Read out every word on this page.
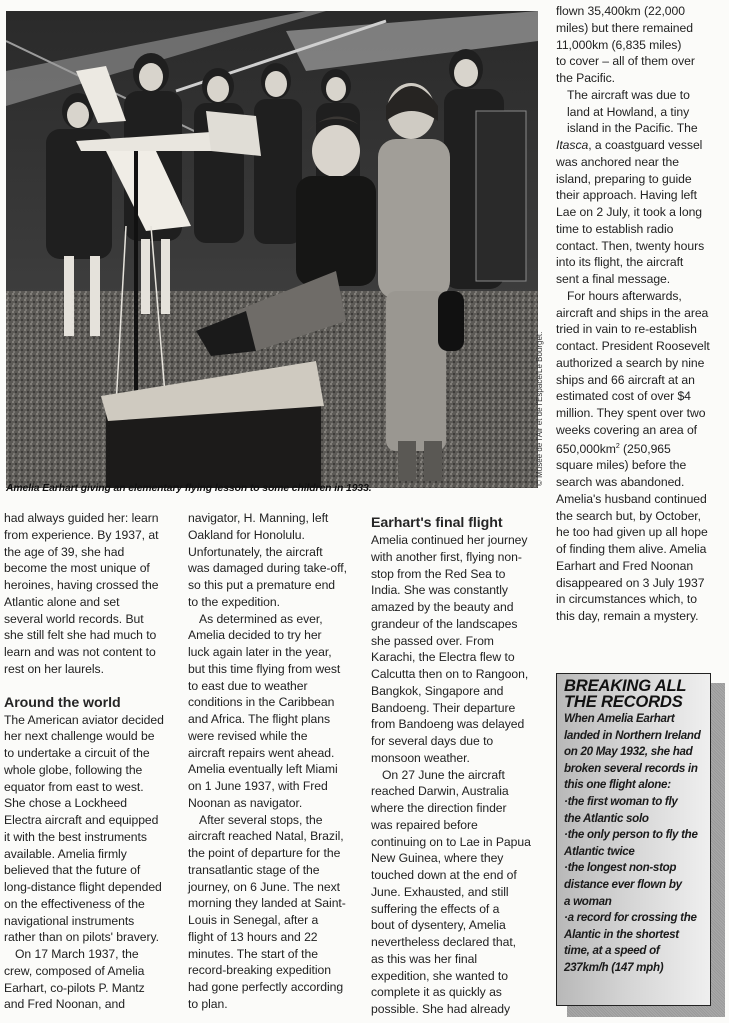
© Musée de l'Air et de l'Espace/Le Bourget.
Amelia Earhart giving an elementary flying lesson to some children in 1933.

had always guided her: learn
from experience. By 1937, at
the age of 39, she had
become the most unique of
heroines, having crossed the
Atlantic alone and set
several world records. But
she still felt she had much to
learn and was not content to
rest on her laurels.

Around the world

The American aviator decided
her next challenge would be
to undertake a circuit of the
whole globe, following the
equator from east to west.
She chose a Lockheed
Electra aircraft and equipped
it with the best instruments
available. Amelia firmly
believed that the future of
long-distance flight depended
on the effectiveness of the
navigational instruments
rather than on pilots' bravery.

On 17 March 1937, the
crew, composed of Amelia
Earhart, co-pilots P. Mantz
and Fred Noonan, and

navigator, H. Manning, left
Oakland for Honolulu.
Unfortunately, the aircraft
was damaged during take-off,
so this put a premature end
to the expedition.

As determined as ever,
Amelia decided to try her
luck again later in the year,
but this time flying from west
to east due to weather
conditions in the Caribbean
and Africa. The flight plans
were revised while the
aircraft repairs went ahead.
Amelia eventually left Miami
on 1 June 1937, with Fred
Noonan as navigator.

After several stops, the
aircraft reached Natal, Brazil,
the point of departure for the
transatlantic stage of the
journey, on 6 June. The next
morning they landed at Saint-
Louis in Senegal, after a
flight of 13 hours and 22
minutes. The start of the
record-breaking expedition
had gone perfectly according
to plan.

Earhart's final flight

Amelia continued her journey
with another first, flying non-
stop from the Red Sea to
India. She was constantly
amazed by the beauty and
grandeur of the landscapes
she passed over. From
Karachi, the Electra flew to
Calcutta then on to Rangoon,
Bangkok, Singapore and
Bandoeng. Their departure
from Bandoeng was delayed
for several days due to
monsoon weather.

On 27 June the aircraft
reached Darwin, Australia
where the direction finder
was repaired before
continuing on to Lae in Papua
New Guinea, where they
touched down at the end of
June. Exhausted, and still
suffering the effects of a
bout of dysentery, Amelia
nevertheless declared that,
as this was her final
expedition, she wanted to
complete it as quickly as
possible. She had already

flown 35,400km (22,000
miles) but there remained
11,000km (6,835 miles)
to cover – all of them over
the Pacific.

The aircraft was due to
land at Howland, a tiny
island in the Pacific. The
Itasca, a coastguard vessel
was anchored near the
island, preparing to guide
their approach. Having left
Lae on 2 July, it took a long
time to establish radio
contact. Then, twenty hours
into its flight, the aircraft
sent a final message.

For hours afterwards,
aircraft and ships in the area
tried in vain to re-establish
contact. President Roosevelt
authorized a search by nine
ships and 66 aircraft at an
estimated cost of over $4
million. They spent over two
weeks covering an area of
$650,000km^2$ (250,965
square miles) before the
search was abandoned.
Amelia's husband continued
the search but, by October,
he too had given up all hope
of finding them alive. Amelia
Earhart and Fred Noonan
disappeared on 3 July 1937
in circumstances which, to
this day, remain a mystery.

BREAKING ALL
THE RECORDS
When Amelia Earhart
landed in Northern Ireland
on 20 May 1932, she had
broken several records in
this one flight alone:
· the first woman to fly
the Atlantic solo
· the only person to fly the
Atlantic twice
· the longest non-stop
distance ever flown by
a woman
· a record for crossing the
Alantic in the shortest
time, at a speed of
237km/h (147 mph)
